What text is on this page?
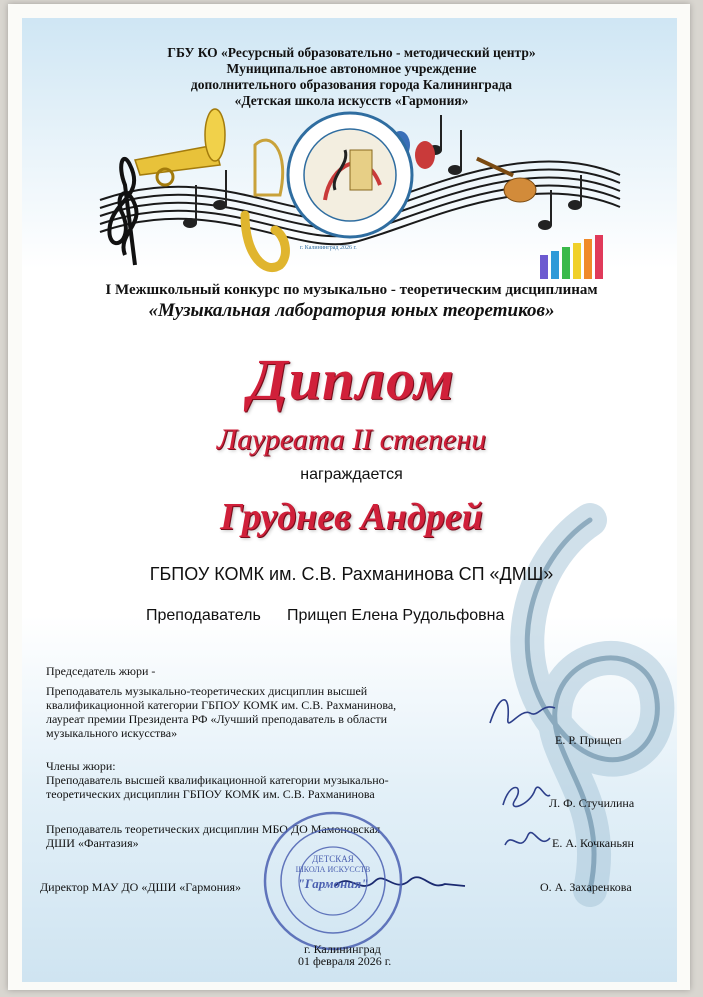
ГБУ КО «Ресурсный образовательно - методический центр»
Муниципальное автономное учреждение
дополнительного образования города Калининграда
«Детская школа искусств «Гармония»
г. Калининград 2026 г.
I Межшкольный конкурс по музыкально - теоретическим дисциплинам
«Музыкальная лаборатория юных теоретиков»
Диплом
Лауреата II степени
награждается
Груднев Андрей
ГБПОУ КОМК им. С.В. Рахманинова СП «ДМШ»
Преподаватель Прищеп Елена Рудольфовна
Председатель жюри -
Преподаватель музыкально-теоретических дисциплин высшей
квалификационной категории ГБПОУ КОМК им. С.В. Рахманинова,
лауреат премии Президента РФ «Лучший преподаватель в области
музыкального искусства»	Е. Р. Прищеп
Члены жюри:
Преподаватель высшей квалификационной категории музыкально-
теоретических дисциплин ГБПОУ КОМК им. С.В. Рахманинова
Л. Ф. Стучилина
Преподаватель теоретических дисциплин МБО ДО Мамоновская
ДШИ «Фантазия»	Е. А. Кочканьян
Директор МАУ ДО «ДШИ «Гармония»	О. А. Захаренкова
ДЕТСКАЯ
ШКОЛА ИСКУССТВ
"Гармония"
г. Калининград
01 февраля 2026 г.
